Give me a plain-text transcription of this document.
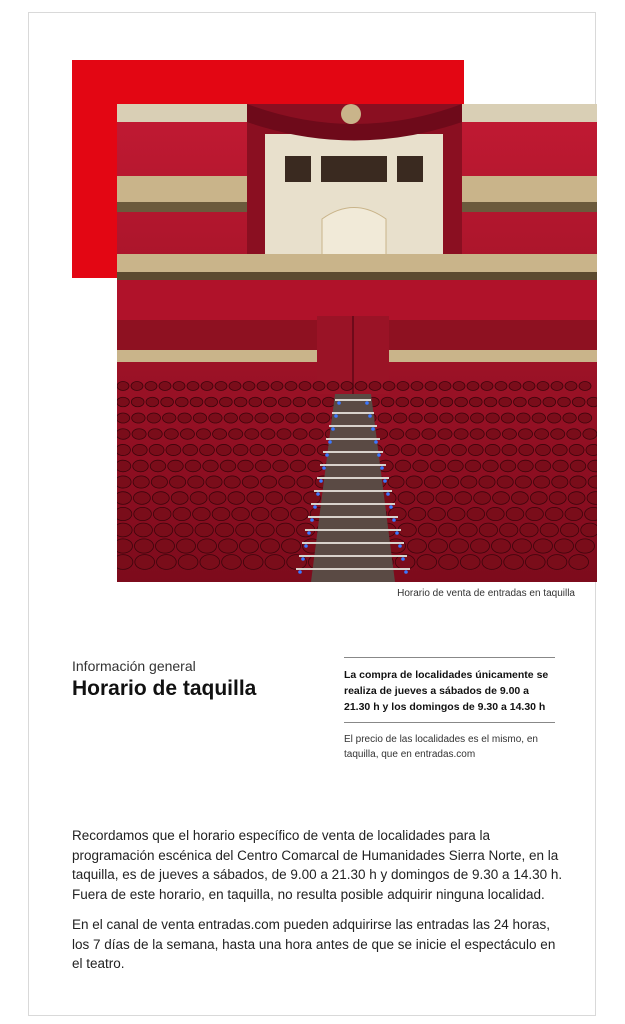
Horario de venta de entradas en taquilla
Información general
Horario de taquilla
La compra de localidades únicamente se realiza de jueves a sábados de 9.00 a 21.30 h y los domingos de 9.30 a 14.30 h
El precio de las localidades es el mismo, en taquilla, que en entradas.com

Recordamos que el horario específico de venta de localidades para la programación escénica del Centro Comarcal de Humanidades Sierra Norte, en la taquilla, es de jueves a sábados, de 9.00 a 21.30 h y domingos de 9.30 a 14.30 h. Fuera de este horario, en taquilla, no resulta posible adquirir ninguna localidad.

En el canal de venta entradas.com pueden adquirirse las entradas las 24 horas, los 7 días de la semana, hasta una hora antes de que se inicie el espectáculo en el teatro.
